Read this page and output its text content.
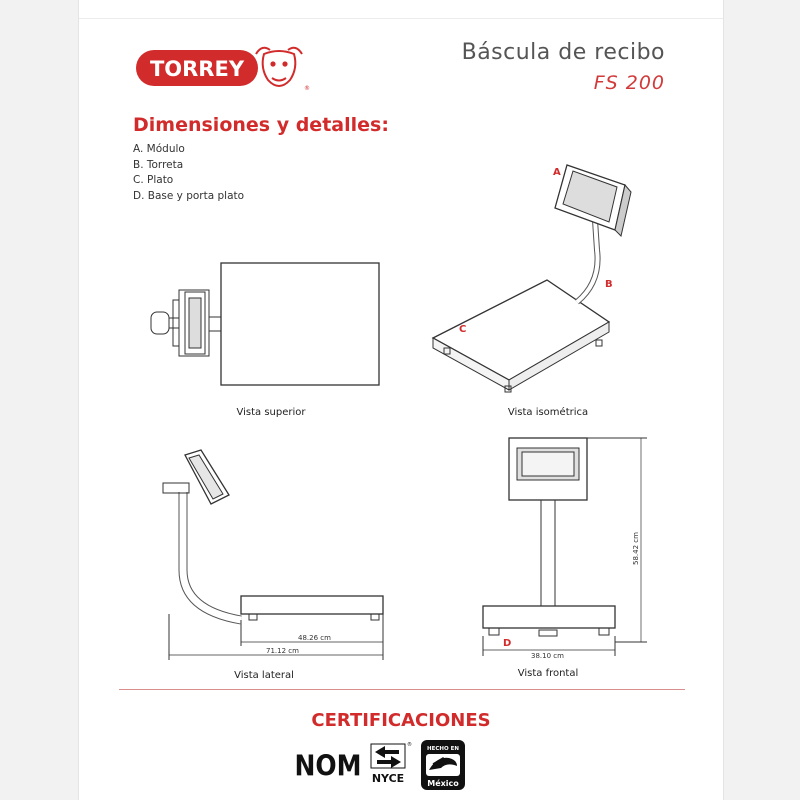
TORREY
®
Báscula de recibo
FS 200
Dimensiones y detalles:
A. Módulo
B. Torreta
C. Plato
D. Base y porta plato
A
B
C
D
48.26 cm
71.12 cm
58.42 cm
38.10 cm
Vista superior	Vista isométrica
Vista lateral	Vista frontal
CERTIFICACIONES
NOM NYCE
®
HECHO EN
México
